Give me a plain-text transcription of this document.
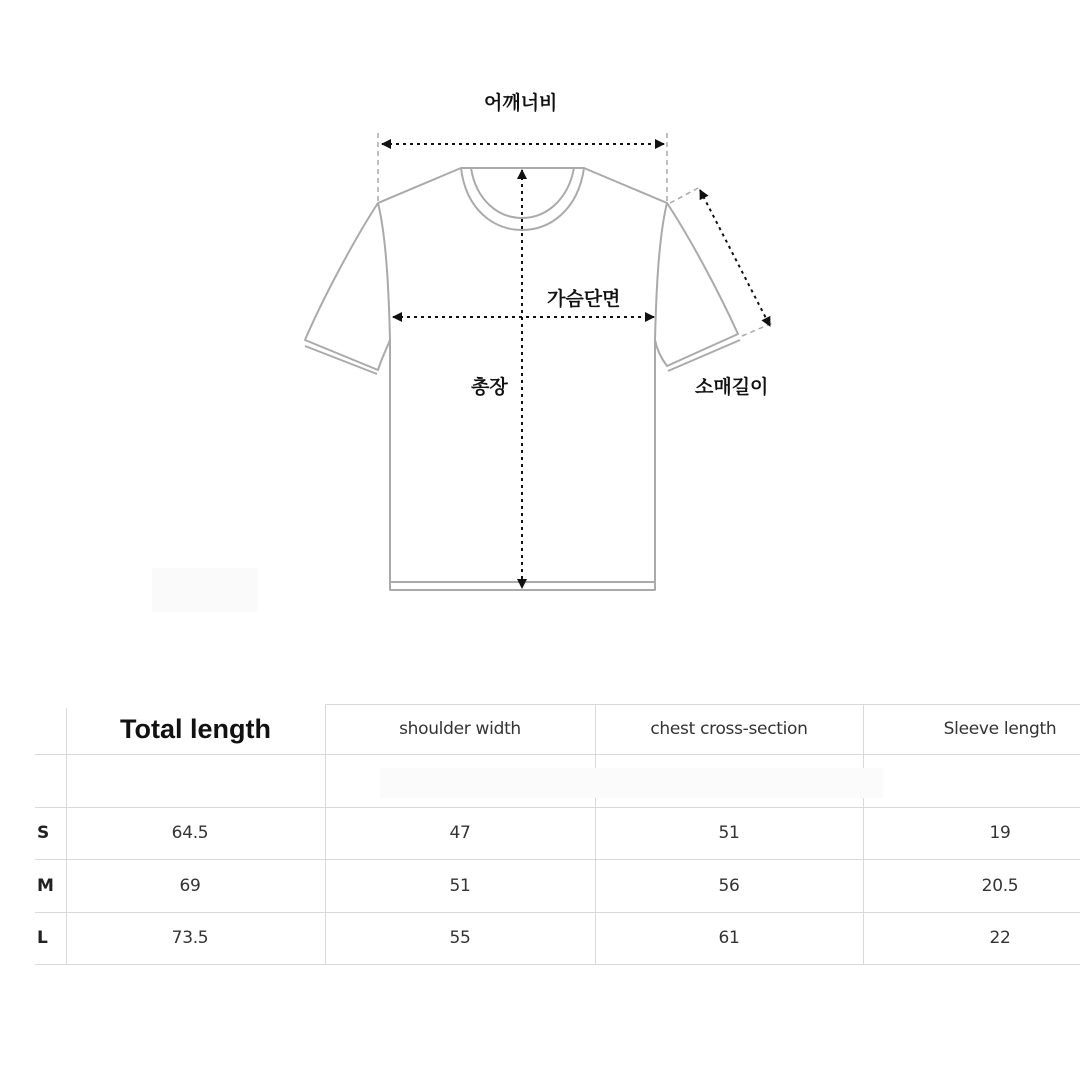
어깨너비
가슴단면
총장	소매길이
Total length	shoulder width	chest cross-section	Sleeve length
S	64.5	47	51	19
M	69	51	56	20.5
L	73.5	55	61	22
